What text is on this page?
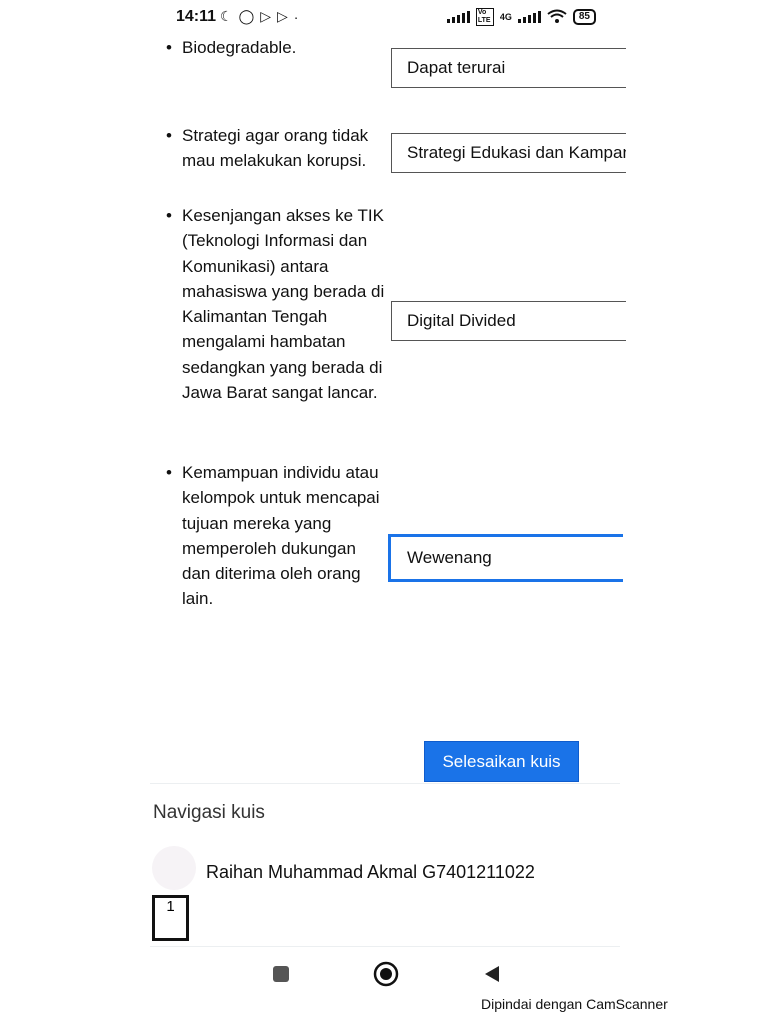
14:11 ☾ ◯ ▷ ▷ ·	Vo LTE	4G	85
• Biodegradable.
Dapat terurai
• Strategi agar orang tidak mau melakukan korupsi.
Strategi Edukasi dan Kampanye
• Kesenjangan akses ke TIK (Teknologi Informasi dan Komunikasi) antara mahasiswa yang berada di Kalimantan Tengah mengalami hambatan sedangkan yang berada di Jawa Barat sangat lancar.
Digital Divided
• Kemampuan individu atau kelompok untuk mencapai tujuan mereka yang memperoleh dukungan dan diterima oleh orang lain.
Wewenang
Selesaikan kuis
Navigasi kuis
Raihan Muhammad Akmal G7401211022
1
Dipindai dengan CamScanner
